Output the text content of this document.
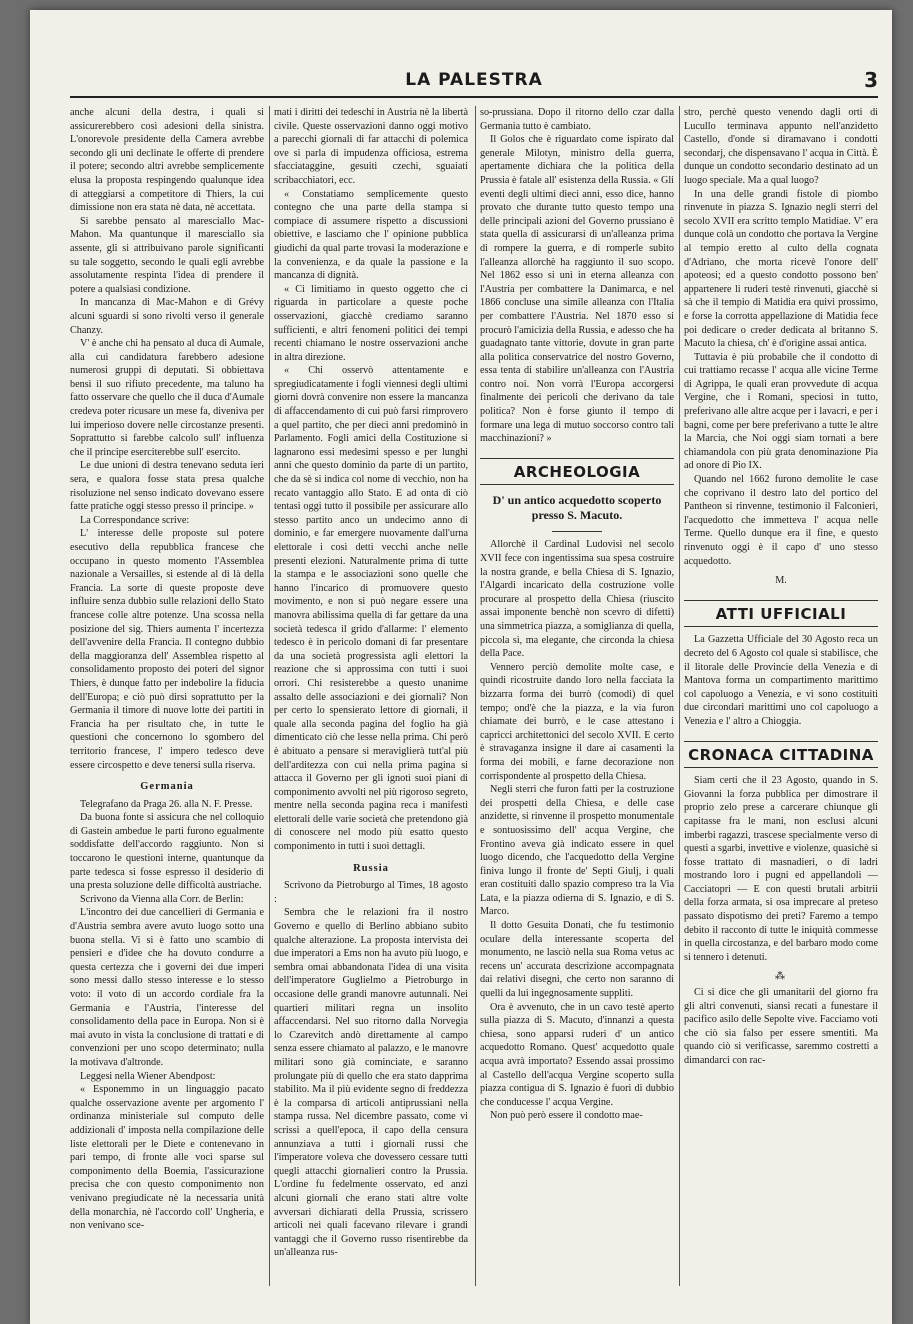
LA PALESTRA	3

anche alcuni della destra, i quali si assicurerebbero così adesioni della sinistra. L'onorevole presidente della Camera avrebbe secondo gli uni declinate le offerte di prendere il potere; secondo altri avrebbe semplicemente elusa la proposta respingendo qualunque idea di atteggiarsi a competitore di Thiers, la cui dimissione non era stata nè data, nè accettata.

Si sarebbe pensato al maresciallo Mac-Mahon. Ma quantunque il maresciallo sia assente, gli si attribuivano parole significanti su tale soggetto, secondo le quali egli avrebbe assolutamente respinta l'idea di prendere il potere a qualsiasi condizione.

In mancanza di Mac-Mahon e di Grévy alcuni sguardi si sono rivolti verso il generale Chanzy.

V' è anche chi ha pensato al duca di Aumale, alla cui candidatura farebbero adesione numerosi gruppi di deputati. Si obbiettava bensì il suo rifiuto precedente, ma taluno ha fatto osservare che quello che il duca d'Aumale credeva poter ricusare un mese fa, diveniva per lui imperioso dovere nelle circostanze presenti. Soprattutto si farebbe calcolo sull' influenza che il principe eserciterebbe sull' esercito.

Le due unioni di destra tenevano seduta ieri sera, e qualora fosse stata presa qualche risoluzione nel senso indicato dovevano essere fatte pratiche oggi stesso presso il principe. »

La Correspondance scrive:

L' interesse delle proposte sul potere esecutivo della repubblica francese che occupano in questo momento l'Assemblea nazionale a Versailles, si estende al di là della Francia. La sorte di queste proposte deve influire senza dubbio sulle relazioni dello Stato francese colle altre potenze. Una scossa nella posizione del sig. Thiers aumenta l' incertezza dell'avvenire della Francia. Il contegno dubbio della maggioranza dell' Assemblea rispetto al consolidamento proposto dei poteri del signor Thiers, è dunque fatto per indebolire la fiducia dell'Europa; e ciò può dirsi soprattutto per la Germania il timore di nuove lotte dei partiti in Francia ha per risultato che, in tutte le questioni che concernono lo sgombero del territorio francese, l' impero tedesco deve essere circospetto e deve tenersi sulla riserva.

Germania

Telegrafano da Praga 26. alla N. F. Presse.

Da buona fonte si assicura che nel colloquio di Gastein ambedue le parti furono egualmente soddisfatte dell'accordo raggiunto. Non si toccarono le questioni interne, quantunque da parte tedesca si fosse espresso il desiderio di una presta soluzione delle difficoltà austriache.

Scrivono da Vienna alla Corr. de Berlin:

L'incontro dei due cancellieri di Germania e d'Austria sembra avere avuto luogo sotto una buona stella. Vi si è fatto uno scambio di pensieri e d'idee che ha dovuto condurre a questa certezza che i governi dei due imperi sono messi dallo stesso interesse e lo stesso voto: il voto di un accordo cordiale fra la Germania e l'Austria, l'interesse del consolidamento della pace in Europa. Non si è mai avuto in vista la conclusione di trattati e di convenzioni per uno scopo determinato; nulla la motivava d'altronde.

Leggesi nella Wiener Abendpost:

« Esponemmo in un linguaggio pacato qualche osservazione avente per argomento l' ordinanza ministeriale sul computo delle addizionali d' imposta nella compilazione delle liste elettorali per le Diete e contenevano in pari tempo, di fronte alle voci sparse sul componimento della Boemia, l'assicurazione precisa che con questo componimento non venivano pregiudicate nè la necessaria unità della monarchia, nè l'accordo coll' Ungheria, e non venivano sce-

mati i diritti dei tedeschi in Austria nè la libertà civile. Queste osservazioni danno oggi motivo a parecchi giornali di far attacchi di polemica ove si parla di impudenza officiosa, estrema sfacciataggine, gesuiti czechi, sguaiati scribacchiatori, ecc.

« Constatiamo semplicemente questo contegno che una parte della stampa si compiace di assumere rispetto a discussioni obiettive, e lasciamo che l' opinione pubblica giudichi da qual parte trovasi la moderazione e la convenienza, e da quale la passione e la mancanza di dignità.

« Ci limitiamo in questo oggetto che ci riguarda in particolare a queste poche osservazioni, giacchè crediamo saranno sufficienti, e altri fenomeni politici dei tempi recenti chiamano le nostre osservazioni anche in altra direzione.

« Chi osservò attentamente e spregiudicatamente i fogli viennesi degli ultimi giorni dovrà convenire non essere la mancanza di affaccendamento di cui può farsi rimprovero a quel partito, che per dieci anni predominò in Parlamento. Fogli amici della Costituzione si lagnarono essi medesimi spesso e per lunghi anni che questo dominio da parte di un partito, che da sè si indica col nome di vecchio, non ha recato vantaggio allo Stato. E ad onta di ciò tentasi oggi tutto il possibile per assicurare allo stesso partito anco un undecimo anno di dominio, e far emergere nuovamente dall'urna elettorale i così detti vecchi anche nelle presenti elezioni. Naturalmente prima di tutte la stampa e le associazioni sono quelle che hanno l'incarico di promuovere questo movimento, e non si può negare essere una manovra abilissima quella di far gettare da una società tedesca il grido d'allarme: l' elemento tedesco è in pericolo domani di far presentare da una società progressista agli elettori la reazione che si approssima con tutti i suoi orrori. Chi resisterebbe a questo unanime assalto delle associazioni e dei giornali? Non per certo lo spensierato lettore di giornali, il quale alla seconda pagina del foglio ha già dimenticato ciò che lesse nella prima. Chi però è abituato a pensare si meraviglierà tutt'al più dell'arditezza con cui nella prima pagina si attacca il Governo per gli ignoti suoi piani di componimento avvolti nel più rigoroso segreto, mentre nella seconda pagina reca i manifesti elettorali delle varie società che pretendono già di conoscere nel modo più esatto questo componimento in tutti i suoi dettagli.

Russia

Scrivono da Pietroburgo al Times, 18 agosto :

Sembra che le relazioni fra il nostro Governo e quello di Berlino abbiano subito qualche alterazione. La proposta intervista dei due imperatori a Ems non ha avuto più luogo, e sembra omai abbandonata l'idea di una visita dell'imperatore Guglielmo a Pietroburgo in occasione delle grandi manovre autunnali. Nei quartieri militari regna un insolito affaccendarsi. Nel suo ritorno dalla Norvegia lo Czarevitch andò direttamente al campo senza essere chiamato al palazzo, e le manovre militari sono già cominciate, e saranno prolungate più di quello che era stato dapprima stabilito. Ma il più evidente segno di freddezza è la comparsa di articoli antiprussiani nella stampa russa. Nel dicembre passato, come vi scrissi a quell'epoca, il capo della censura annunziava a tutti i giornali russi che l'imperatore voleva che dovessero cessare tutti quegli attacchi giornalieri contro la Prussia. L'ordine fu fedelmente osservato, ed anzi alcuni giornali che erano stati altre volte avversari dichiarati della Prussia, scrissero articoli nei quali facevano rilevare i grandi vantaggi che il Governo russo risentirebbe da un'alleanza rus-

so-prussiana. Dopo il ritorno dello czar dalla Germania tutto è cambiato.

Il Golos che è riguardato come ispirato dal generale Milotyn, ministro della guerra, apertamente dichiara che la politica della Prussia è fatale all' esistenza della Russia. « Gli eventi degli ultimi dieci anni, esso dice, hanno provato che durante tutto questo tempo una delle principali azioni del Governo prussiano è stata quella di assicurarsi di un'alleanza prima di rompere la guerra, e di romperle subito l'alleanza allorchè ha raggiunto il suo scopo. Nel 1862 esso si unì in eterna alleanza con l'Austria per combattere la Danimarca, e nel 1866 concluse una simile alleanza con l'Italia per combattere l'Austria. Nel 1870 esso si procurò l'amicizia della Russia, e adesso che ha guadagnato tante vittorie, dovute in gran parte alla politica conservatrice del nostro Governo, essa tenta di stabilire un'alleanza con l'Austria contro noi. Non vorrà l'Europa accorgersi finalmente dei pericoli che derivano da tale politica? Non è forse giunto il tempo di formare una lega di mutuo soccorso contro tali macchinazioni? »

ARCHEOLOGIA
D' un antico acquedotto scoperto presso S. Macuto.

Allorchè il Cardinal Ludovisi nel secolo XVII fece con ingentissima sua spesa costruire la nostra grande, e bella Chiesa di S. Ignazio, l'Algardi incaricato della costruzione volle procurare al prospetto della Chiesa (riuscito assai imponente benchè non scevro di difetti) una simmetrica piazza, a somiglianza di quella, piccola sì, ma elegante, che circonda la chiesa della Pace.

Vennero perciò demolite molte case, e quindi ricostruite dando loro nella facciata la bizzarra forma dei burrò (comodi) di quel tempo; ond'è che la piazza, e la via furon chiamate dei burrò, e le case attestano i capricci architettonici del secolo XVII. E certo è stravaganza insigne il dare ai casamenti la forma dei mobili, e farne decorazione non corrispondente al prospetto della Chiesa.

Negli sterri che furon fatti per la costruzione dei prospetti della Chiesa, e delle case anzidette, si rinvenne il prospetto monumentale e sontuosissimo dell' acqua Vergine, che Frontino aveva già indicato essere in quel luogo dicendo, che l'acquedotto della Vergine finiva lungo il fronte de' Septi Giulj, i quali eran costituiti dallo spazio compreso tra la Via Lata, e la piazza odierna di S. Ignazio, e di S. Marco.

Il dotto Gesuita Donati, che fu testimonio oculare della interessante scoperta del monumento, ne lasciò nella sua Roma vetus ac recens un' accurata descrizione accompagnata dai relativi disegni, che certo non saranno di quelli da lui ingegnosamente suppliti.

Ora è avvenuto, che in un cavo testè aperto sulla piazza di S. Macuto, d'innanzi a questa chiesa, sono apparsi ruderi d' un antico acquedotto Romano. Quest' acquedotto quale acqua avrà importato? Essendo assai prossimo al Castello dell'acqua Vergine scoperto sulla piazza contigua di S. Ignazio è fuori di dubbio che conducesse l' acqua Vergine.

Non può però essere il condotto mae-

stro, perchè questo venendo dagli orti di Lucullo terminava appunto nell'anzidetto Castello, d'onde si diramavano i condotti secondarj, che dispensavano l' acqua in Città. È dunque un condotto secondario destinato ad un luogo speciale. Ma a qual luogo?

In una delle grandi fistole di piombo rinvenute in piazza S. Ignazio negli sterri del secolo XVII era scritto templo Matidiae. V' era dunque colà un condotto che portava la Vergine al tempio eretto al culto della cognata d'Adriano, che morta ricevè l'onore dell' apoteosi; ed a questo condotto possono ben' appartenere li ruderi testè rinvenuti, giacchè si sà che il tempio di Matidia era quivi prossimo, e forse la corrotta appellazione di Matidia fece poi dedicare o creder dedicata al britanno S. Macuto la chiesa, ch' è d'origine assai antica.

Tuttavia è più probabile che il condotto di cui trattiamo recasse l' acqua alle vicine Terme di Agrippa, le quali eran provvedute di acqua Vergine, che i Romani, speciosi in tutto, preferivano alle altre acque per i lavacri, e per i bagni, come per bere preferivano a tutte le altre la Marcia, che Noi oggi siam tornati a bere chiamandola con più grata denominazione Pia ad onore di Pio IX.

Quando nel 1662 furono demolite le case che coprivano il destro lato del portico del Pantheon si rinvenne, testimonio il Falconieri, l'acquedotto che immetteva l' acqua nelle Terme. Quello dunque era il fine, e questo rinvenuto oggi è il capo d' uno stesso acquedotto.

M.
ATTI UFFICIALI

La Gazzetta Ufficiale del 30 Agosto reca un decreto del 6 Agosto col quale si stabilisce, che il litorale delle Provincie della Venezia e di Mantova forma un compartimento marittimo col capoluogo a Venezia, e vi sono costituiti due circondari marittimi uno col capoluogo a Venezia e l' altro a Chioggia.

CRONACA CITTADINA

Siam certi che il 23 Agosto, quando in S. Giovanni la forza pubblica per dimostrare il proprio zelo prese a carcerare chiunque gli capitasse fra le mani, non esclusi alcuni imberbi ragazzi, trascese specialmente verso di questi a sgarbi, invettive e violenze, quasichè si fosse trattato di masnadieri, o di ladri mostrando loro i pugni ed appellandoli — Cacciatopri — E con questi brutali arbitrii della forza armata, si osa imprecare al preteso passato dispotismo dei preti? Faremo a tempo debito il racconto di tutte le iniquità commesse in quella circostanza, e del barbaro modo come si tennero i detenuti.

⁂

Ci si dice che gli umanitarii del giorno fra gli altri convenuti, siansi recati a funestare il pacifico asilo delle Sepolte vive. Facciamo voti che ciò sia falso per essere smentiti. Ma quando ciò si verificasse, saremmo costretti a dimandarci con rac-
